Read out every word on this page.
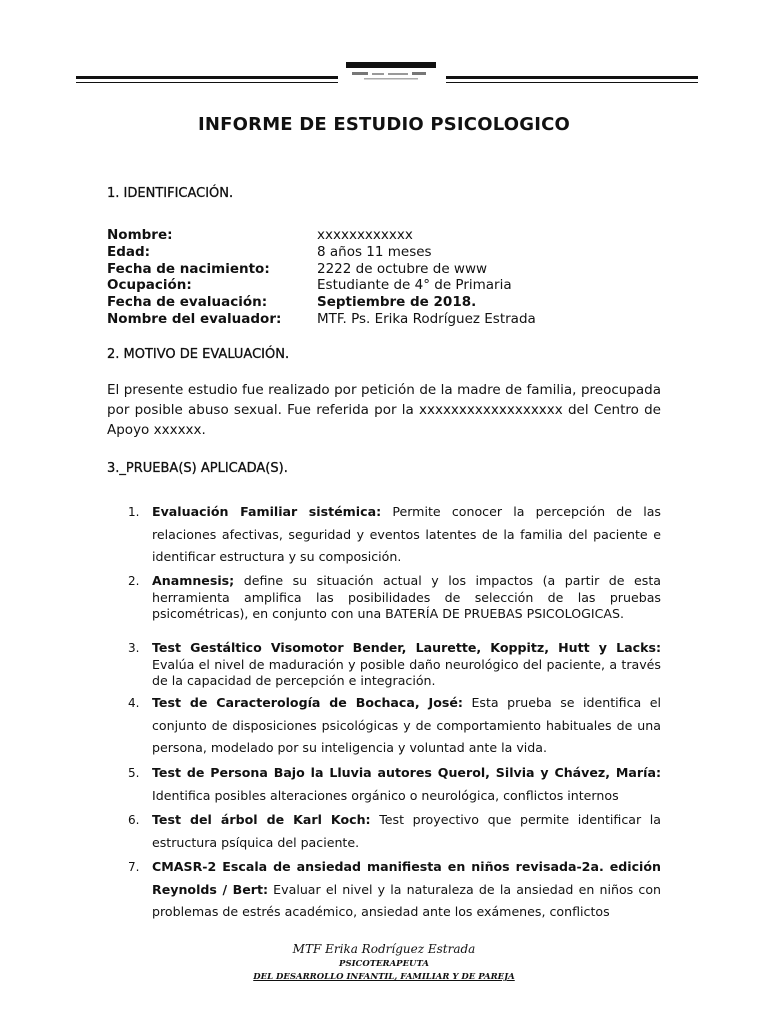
INFORME DE ESTUDIO PSICOLOGICO
1. IDENTIFICACIÓN.
Nombre:	xxxxxxxxxxxx
Edad:	8 años 11 meses
Fecha de nacimiento:	2222 de octubre de www
Ocupación:	Estudiante de 4° de Primaria
Fecha de evaluación:	Septiembre de 2018.
Nombre del evaluador:	MTF. Ps. Erika Rodríguez Estrada
2. MOTIVO DE EVALUACIÓN.
El presente estudio fue realizado por petición de la madre de familia, preocupada por posible abuso sexual. Fue referida por la xxxxxxxxxxxxxxxxxx del Centro de Apoyo xxxxxx.
3._PRUEBA(S) APLICADA(S).
1. Evaluación Familiar sistémica: Permite conocer la percepción de las relaciones afectivas, seguridad y eventos latentes de la familia del paciente e identificar estructura y su composición.
2. Anamnesis; define su situación actual y los impactos (a partir de esta herramienta amplifica las posibilidades de selección de las pruebas psicométricas), en conjunto con una BATERÍA DE PRUEBAS PSICOLOGICAS.
3. Test Gestáltico Visomotor Bender, Laurette, Koppitz, Hutt y Lacks: Evalúa el nivel de maduración y posible daño neurológico del paciente, a través de la capacidad de percepción e integración.
4. Test de Caracterología de Bochaca, José: Esta prueba se identifica el conjunto de disposiciones psicológicas y de comportamiento habituales de una persona, modelado por su inteligencia y voluntad ante la vida.
5. Test de Persona Bajo la Lluvia autores Querol, Silvia y Chávez, María: Identifica posibles alteraciones orgánico o neurológica, conflictos internos
6. Test del árbol de Karl Koch: Test proyectivo que permite identificar la estructura psíquica del paciente.
7. CMASR-2 Escala de ansiedad manifiesta en niños revisada-2a. edición Reynolds / Bert: Evaluar el nivel y la naturaleza de la ansiedad en niños con problemas de estrés académico, ansiedad ante los exámenes, conflictos
MTF Erika Rodríguez Estrada
PSICOTERAPEUTA
DEL DESARROLLO INFANTIL, FAMILIAR Y DE PAREJA
